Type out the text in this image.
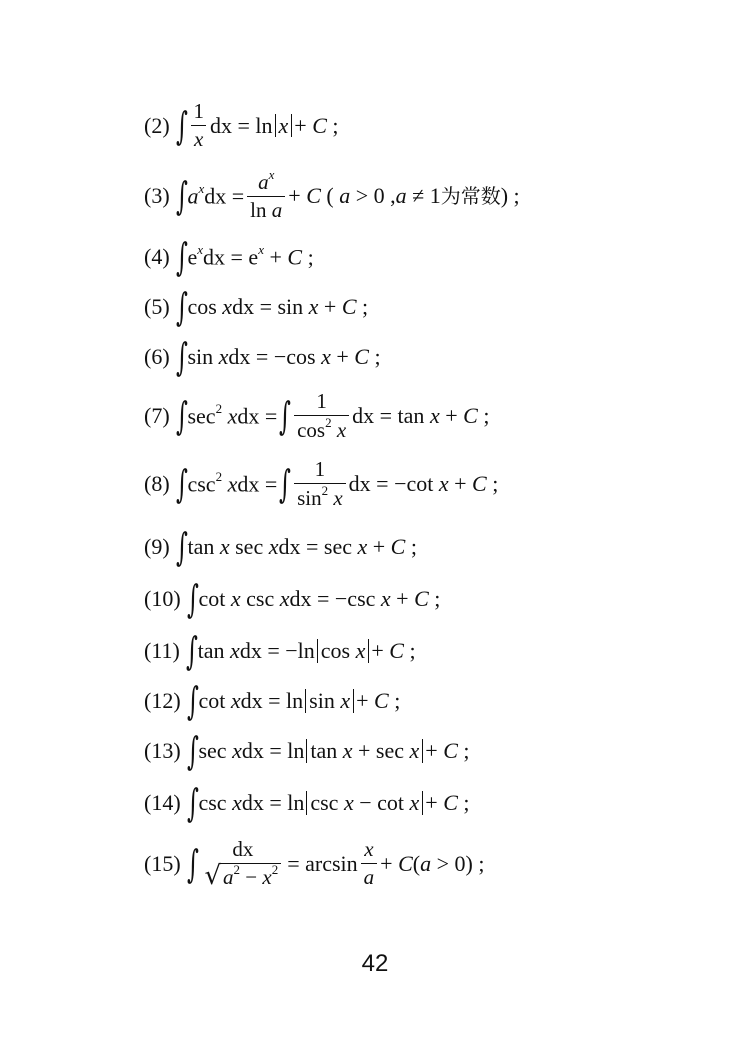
(2) ∫ $\frac{1}{x}$ dx = ln x + C ;
(3) ∫ $a^xdx = \frac{a^x}{\text{ln a}} + C$ ( a > 0 ,a ≠ 1 为常数 ) ;
(4) ∫ $e^xdx = e^x + C$ ;
(5) ∫ cos xdx = sin x + C ;
(6) ∫ sin xdx = −cos x + C ;
(7) ∫ $\sec^2$ xdx = ∫ $\frac{1}{\cos^2 x}$ dx = tan x + C ;
(8) ∫ $\csc^2$ xdx = ∫ $\frac{1}{\sin^2 x}$ dx = −cot x + C ;
(9) ∫ tan x sec xdx = sec x + C ;
(10) ∫ cot x csc xdx = −csc x + C ;
(11) ∫ tan xdx = −ln cos x + C ;
(12) ∫ cot xdx = ln sin x + C ;
(13) ∫ sec xdx = ln tan x + sec x + C ;
(14) ∫ csc xdx = ln csc x − cot x + C ;
(15) ∫ dx
√ $a^2 - x^2 = \arcsin \frac{x}{a} + C(a > 0)$ ;
42
